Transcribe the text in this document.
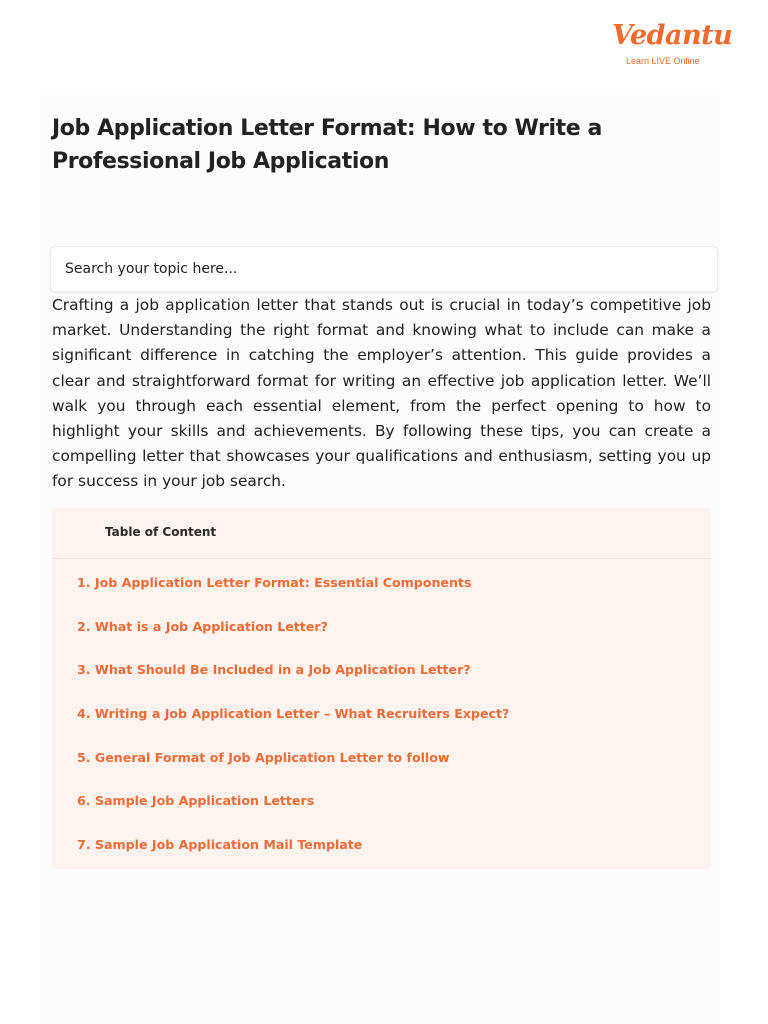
Vedantu
Learn LIVE Online
Job Application Letter Format: How to Write a Professional Job Application
Search your topic here...

Crafting a job application letter that stands out is crucial in today’s competitive job market. Understanding the right format and knowing what to include can make a significant difference in catching the employer’s attention. This guide provides a clear and straightforward format for writing an effective job application letter. We’ll walk you through each essential element, from the perfect opening to how to highlight your skills and achievements. By following these tips, you can create a compelling letter that showcases your qualifications and enthusiasm, setting you up for success in your job search.

Table of Content
1. Job Application Letter Format: Essential Components
2. What is a Job Application Letter?
3. What Should Be Included in a Job Application Letter?
4. Writing a Job Application Letter – What Recruiters Expect?
5. General Format of Job Application Letter to follow
6. Sample Job Application Letters
7. Sample Job Application Mail Template
